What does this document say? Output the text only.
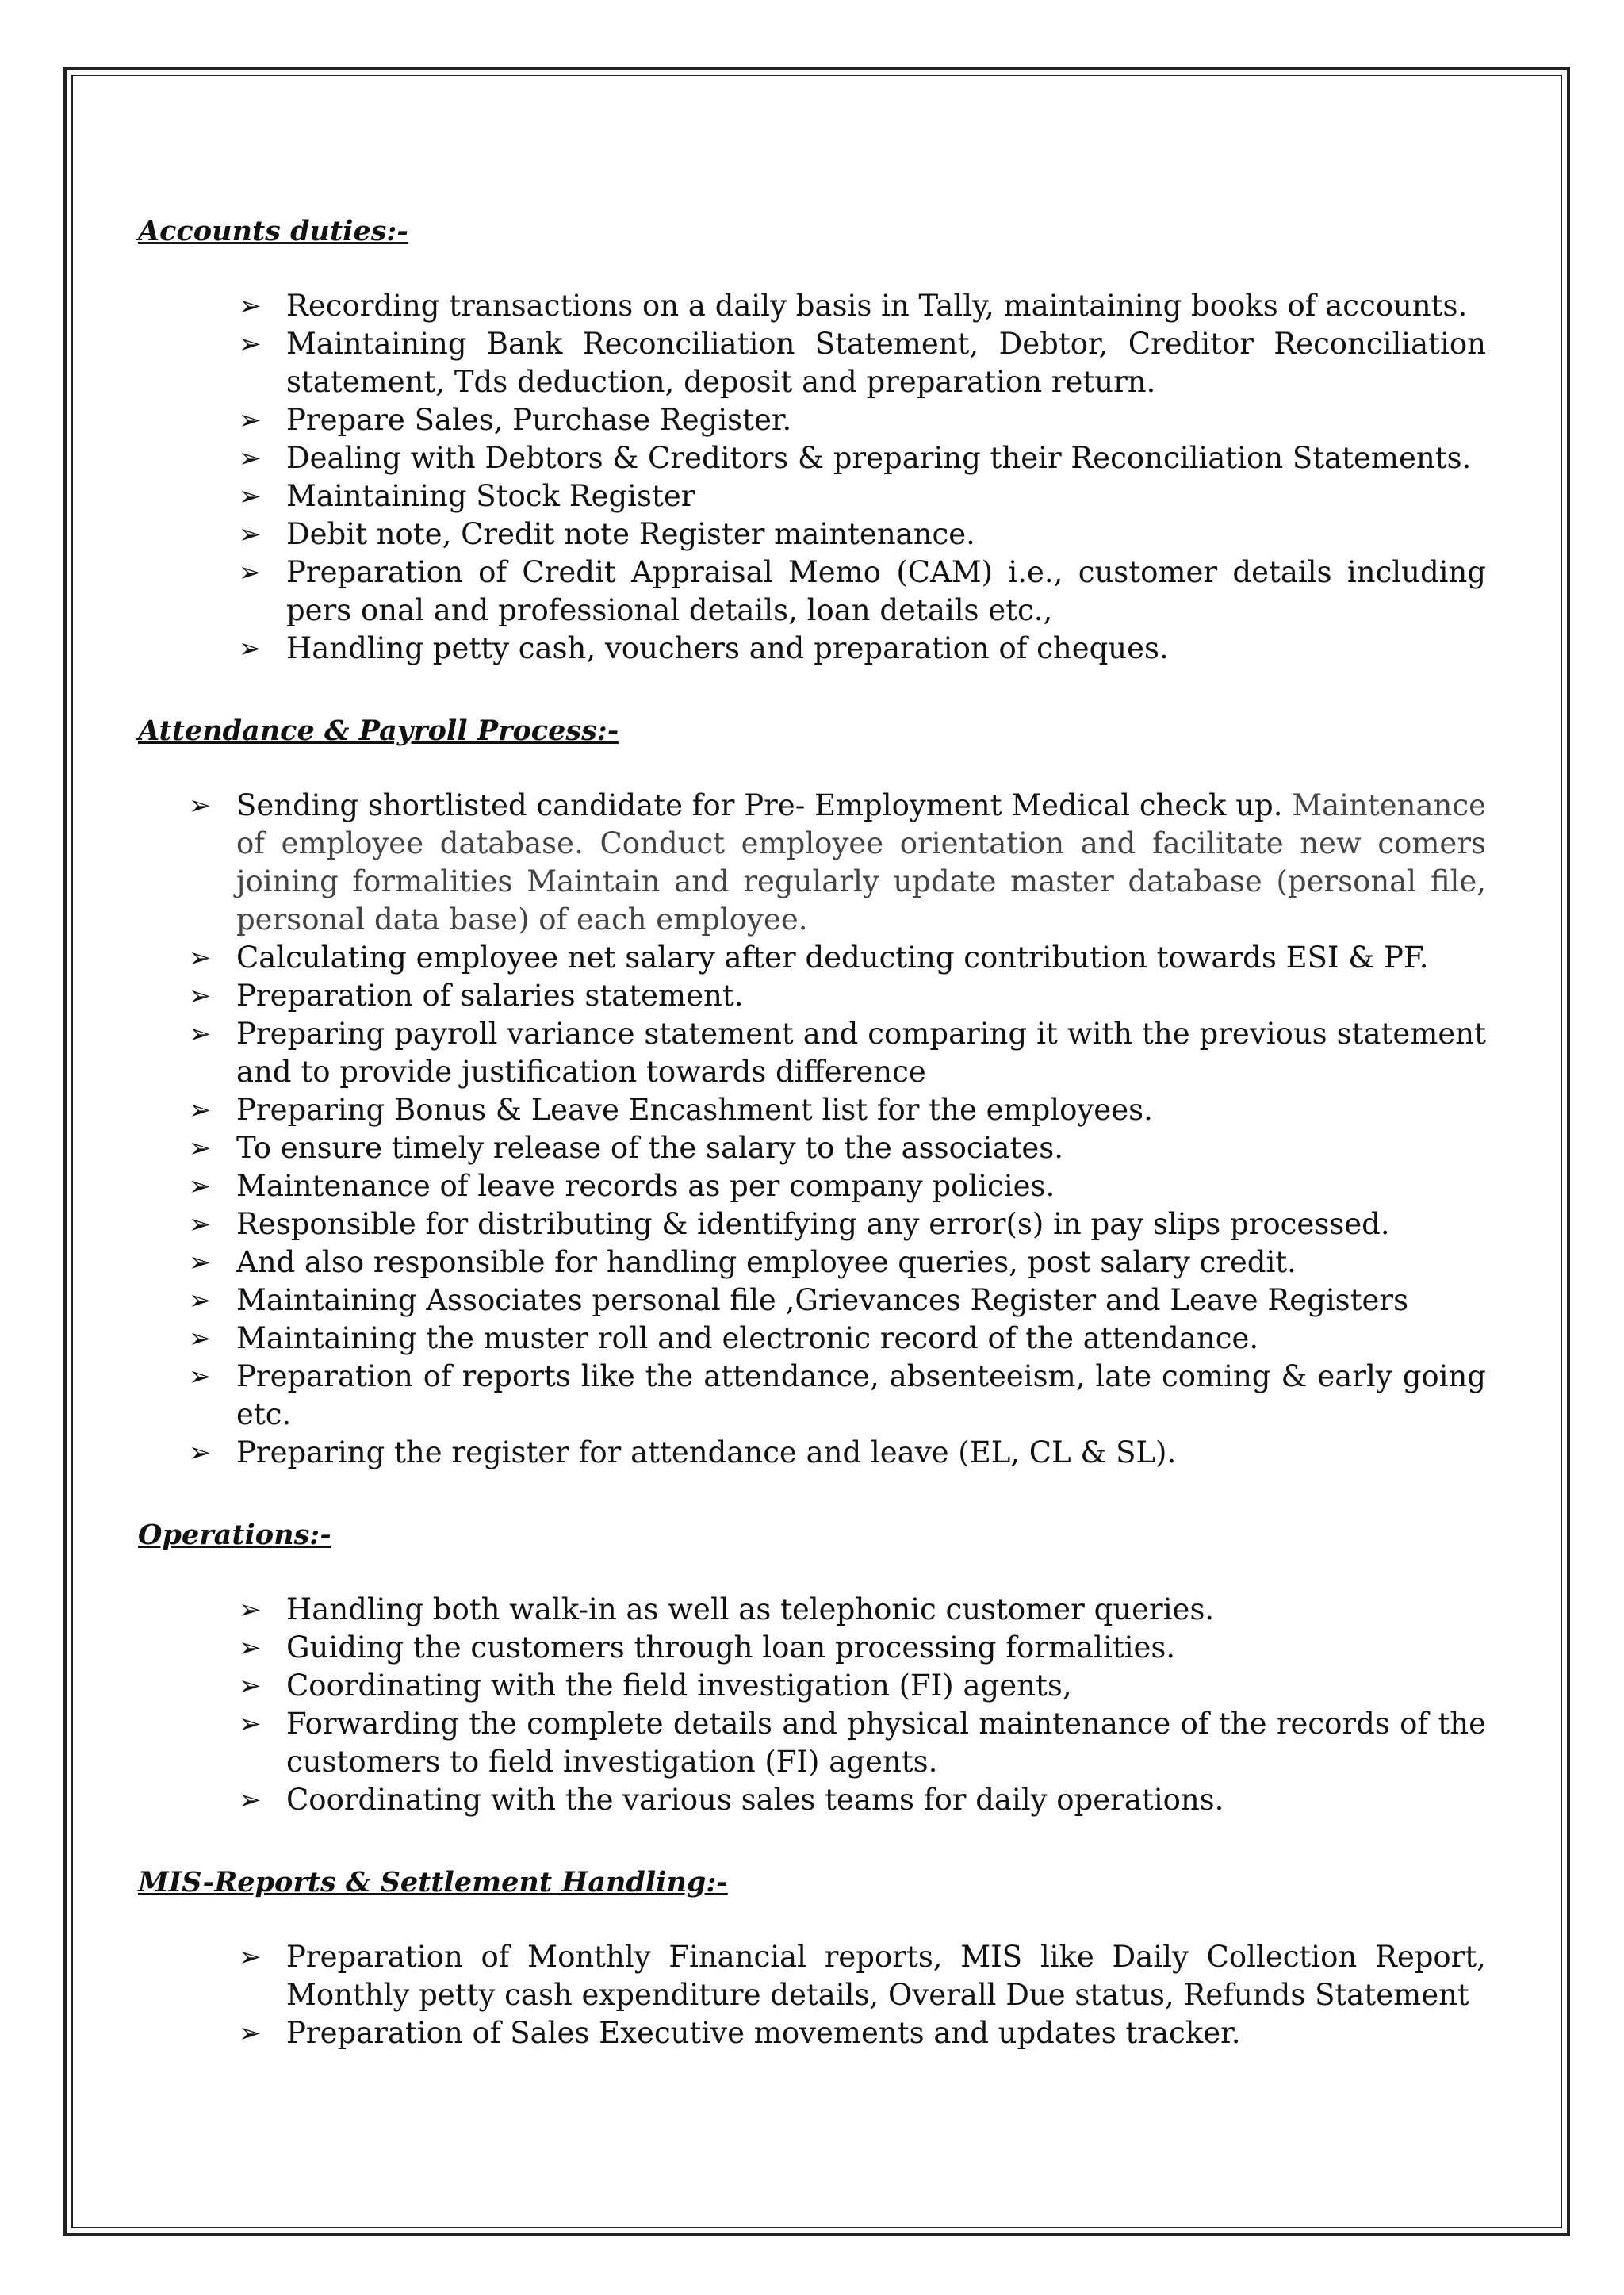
Accounts duties:-
➢ Recording transactions on a daily basis in Tally, maintaining books of accounts.
➢ Maintaining Bank Reconciliation Statement, Debtor, Creditor Reconciliation statement, Tds deduction, deposit and preparation return.
➢ Prepare Sales, Purchase Register.
➢ Dealing with Debtors & Creditors & preparing their Reconciliation Statements.
➢ Maintaining Stock Register
➢ Debit note, Credit note Register maintenance.
➢ Preparation of Credit Appraisal Memo (CAM) i.e., customer details including pers onal and professional details, loan details etc.,
➢ Handling petty cash, vouchers and preparation of cheques.
Attendance & Payroll Process:-
➢ Sending shortlisted candidate for Pre- Employment Medical check up. Maintenance of employee database. Conduct employee orientation and facilitate new comers joining formalities Maintain and regularly update master database (personal file, personal data base) of each employee.
➢ Calculating employee net salary after deducting contribution towards ESI & PF.
➢ Preparation of salaries statement.
➢ Preparing payroll variance statement and comparing it with the previous statement and to provide justification towards difference
➢ Preparing Bonus & Leave Encashment list for the employees.
➢ To ensure timely release of the salary to the associates.
➢ Maintenance of leave records as per company policies.
➢ Responsible for distributing & identifying any error(s) in pay slips processed.
➢ And also responsible for handling employee queries, post salary credit.
➢ Maintaining Associates personal file ,Grievances Register and Leave Registers
➢ Maintaining the muster roll and electronic record of the attendance.
➢ Preparation of reports like the attendance, absenteeism, late coming & early going etc.
➢ Preparing the register for attendance and leave (EL, CL & SL).
Operations:-
➢ Handling both walk-in as well as telephonic customer queries.
➢ Guiding the customers through loan processing formalities.
➢ Coordinating with the field investigation (FI) agents,
➢ Forwarding the complete details and physical maintenance of the records of the customers to field investigation (FI) agents.
➢ Coordinating with the various sales teams for daily operations.
MIS-Reports & Settlement Handling:-
➢ Preparation of Monthly Financial reports, MIS like Daily Collection Report, Monthly petty cash expenditure details, Overall Due status, Refunds Statement
➢ Preparation of Sales Executive movements and updates tracker.
